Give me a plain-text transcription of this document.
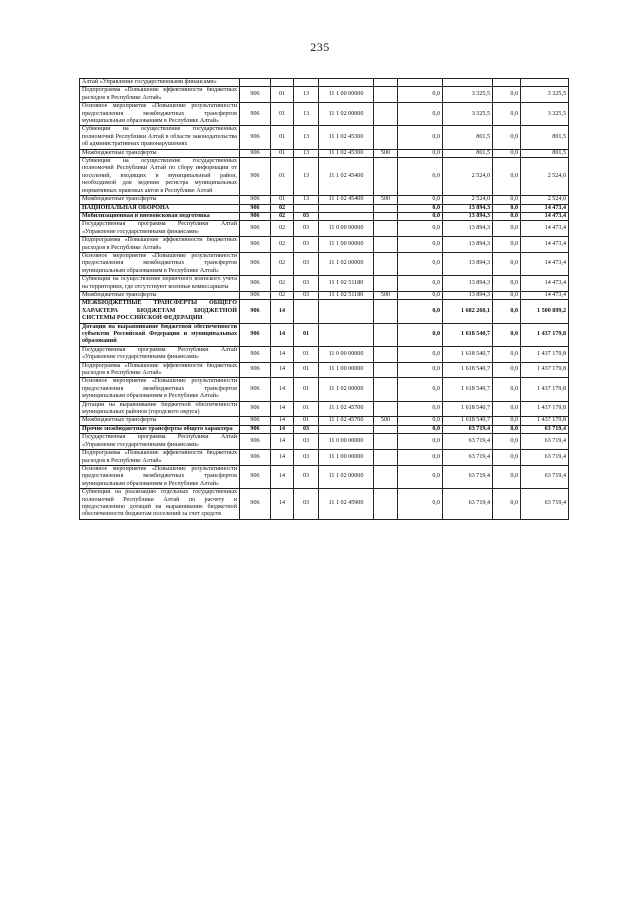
235
Алтай «Управление государственными финансами»									
Подпрограмма «Повышение эффективности бюджетных расходов в Республике Алтай»	906	01	13	11 1 00 00000		0,0	3 325,5	0,0	3 325,5
Основное мероприятие «Повышение результативности предоставления межбюджетных трансфертов муниципальным образованиям в Республике Алтай»	906	01	13	11 1 02 00000		0,0	3 325,5	0,0	3 325,5
Субвенции на осуществление государственных полномочий Республики Алтай в области законодательства об административных правонарушениях	906	01	13	11 1 02 45300		0,0	801,5	0,0	801,5
Межбюджетные трансферты	906	01	13	11 1 02 45300	500	0,0	801,5	0,0	801,5
Субвенции на осуществление государственных полномочий Республики Алтай по сбору информации от поселений, входящих в муниципальный район, необходимой для ведения регистра муниципальных нормативных правовых актов в Республике Алтай	906	01	13	11 1 02 45400		0,0	2 524,0	0,0	2 524,0
Межбюджетные трансферты	906	01	13	11 1 02 45400	500	0,0	2 524,0	0,0	2 524,0
НАЦИОНАЛЬНАЯ ОБОРОНА	906	02				0,0	13 894,3	0,0	14 473,4
Мобилизационная и вневойсковая подготовка	906	02	03			0,0	13 894,3	0,0	14 473,4
Государственная программа Республики Алтай «Управление государственными финансами»	906	02	03	11 0 00 00000		0,0	13 894,3	0,0	14 473,4
Подпрограмма «Повышение эффективности бюджетных расходов в Республике Алтай»	906	02	03	11 1 00 00000		0,0	13 894,3	0,0	14 473,4
Основное мероприятие «Повышение результативности предоставления межбюджетных трансфертов муниципальным образованиям в Республике Алтай»	906	02	03	11 1 02 00000		0,0	13 894,3	0,0	14 473,4
Субвенции на осуществление первичного воинского учета на территориях, где отсутствуют военные комиссариаты	906	02	03	11 1 02 51180		0,0	13 894,3	0,0	14 473,4
Межбюджетные трансферты	906	02	03	11 1 02 51180	500	0,0	13 894,3	0,0	14 473,4
МЕЖБЮДЖЕТНЫЕ ТРАНСФЕРТЫ ОБЩЕГО ХАРАКТЕРА БЮДЖЕТАМ БЮДЖЕТНОЙ СИСТЕМЫ РОССИЙСКОЙ ФЕДЕРАЦИИ	906	14				0,0	1 682 260,1	0,0	1 500 899,2
Дотации на выравнивание бюджетной обеспеченности субъектов Российской Федерации и муниципальных образований	906	14	01			0,0	1 618 540,7	0,0	1 437 179,8
Государственная программа Республики Алтай «Управление государственными финансами»	906	14	01	11 0 00 00000		0,0	1 618 540,7	0,0	1 437 179,8
Подпрограмма «Повышение эффективности бюджетных расходов в Республике Алтай»	906	14	01	11 1 00 00000		0,0	1 618 540,7	0,0	1 437 179,8
Основное мероприятие «Повышение результативности предоставления межбюджетных трансфертов муниципальным образованиям в Республике Алтай»	906	14	01	11 1 02 00000		0,0	1 618 540,7	0,0	1 437 179,8
Дотации на выравнивание бюджетной обеспеченности муниципальных районов (городского округа)	906	14	01	11 1 02 45700		0,0	1 618 540,7	0,0	1 437 179,8
Межбюджетные трансферты	906	14	01	11 1 02 45700	500	0,0	1 618 540,7	0,0	1 437 179,8
Прочие межбюджетные трансферты общего характера	906	14	03			0,0	63 719,4	0,0	63 719,4
Государственная программа Республики Алтай «Управление государственными финансами»	906	14	03	11 0 00 00000		0,0	63 719,4	0,0	63 719,4
Подпрограмма «Повышение эффективности бюджетных расходов в Республике Алтай»	906	14	03	11 1 00 00000		0,0	63 719,4	0,0	63 719,4
Основное мероприятие «Повышение результативности предоставления межбюджетных трансфертов муниципальным образованиям в Республике Алтай»	906	14	03	11 1 02 00000		0,0	63 719,4	0,0	63 719,4
Субвенции на реализацию отдельных государственных полномочий Республики Алтай по расчету и предоставлению дотаций на выравнивание бюджетной обеспеченности бюджетам поселений за счет средств	906	14	03	11 1 02 45900		0,0	63 719,4	0,0	63 719,4
